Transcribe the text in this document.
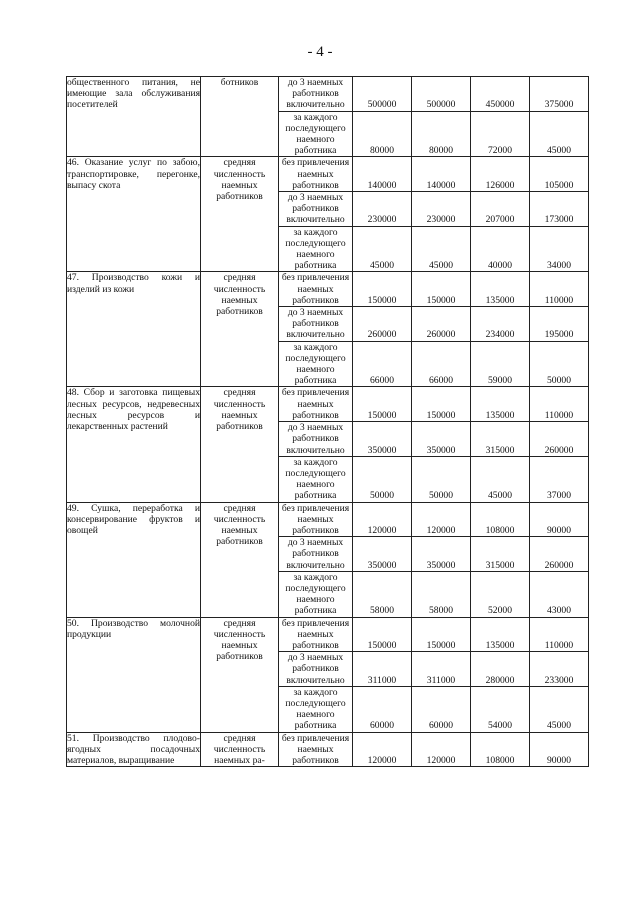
- 4 -
общественного питания, не имеющие зала обслуживания посетителей	ботников	до 3 наемных работников включительно	500000	500000	450000	375000
		за каждого последующего наемного работника	80000	80000	72000	45000
46. Оказание услуг по забою, транспортировке, перегонке, выпасу скота	средняя численность наемных работников	без привлечения наемных работников	140000	140000	126000	105000
		до 3 наемных работников включительно	230000	230000	207000	173000
		за каждого последующего наемного работника	45000	45000	40000	34000
47. Производство кожи и изделий из кожи	средняя численность наемных работников	без привлечения наемных работников	150000	150000	135000	110000
		до 3 наемных работников включительно	260000	260000	234000	195000
		за каждого последующего наемного работника	66000	66000	59000	50000
48. Сбор и заготовка пищевых лесных ресурсов, недревесных лесных ресурсов и лекарственных растений	средняя численность наемных работников	без привлечения наемных работников	150000	150000	135000	110000
		до 3 наемных работников включительно	350000	350000	315000	260000
		за каждого последующего наемного работника	50000	50000	45000	37000
49. Сушка, переработка и консервирование фруктов и овощей	средняя численность наемных работников	без привлечения наемных работников	120000	120000	108000	90000
		до 3 наемных работников включительно	350000	350000	315000	260000
		за каждого последующего наемного работника	58000	58000	52000	43000
50. Производство молочной продукции	средняя численность наемных работников	без привлечения наемных работников	150000	150000	135000	110000
		до 3 наемных работников включительно	311000	311000	280000	233000
		за каждого последующего наемного работника	60000	60000	54000	45000
51. Производство плодово-ягодных посадочных материалов, выращивание	средняя численность наемных ра-	без привлечения наемных работников	120000	120000	108000	90000
